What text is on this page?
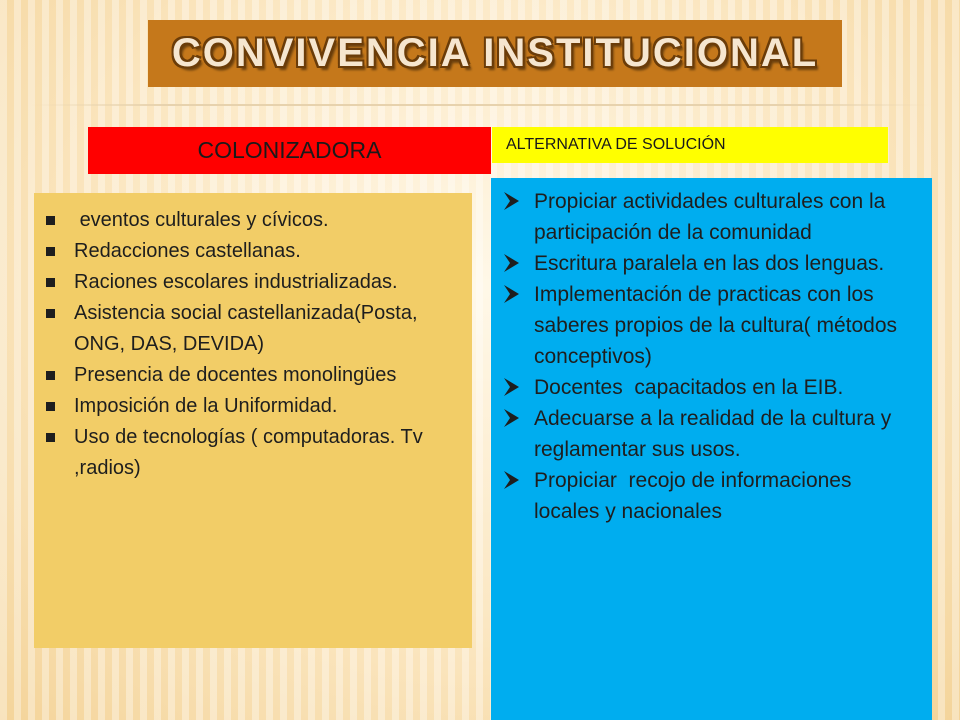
CONVIVENCIA INSTITUCIONAL
COLONIZADORA	ALTERNATIVA DE SOLUCIÓN
eventos culturales y cívicos.
Redacciones castellanas.
Raciones escolares industrializadas.
Asistencia social castellanizada(Posta, ONG, DAS, DEVIDA)
Presencia de docentes monolingües
Imposición de la Uniformidad.
Uso de tecnologías ( computadoras. Tv ,radios)
Propiciar actividades culturales con la participación de la comunidad
Escritura paralela en las dos lenguas.
Implementación de practicas con los saberes propios de la cultura( métodos conceptivos)
Docentes  capacitados en la EIB.
Adecuarse a la realidad de la cultura y reglamentar sus usos.
Propiciar  recojo de informaciones locales y nacionales
